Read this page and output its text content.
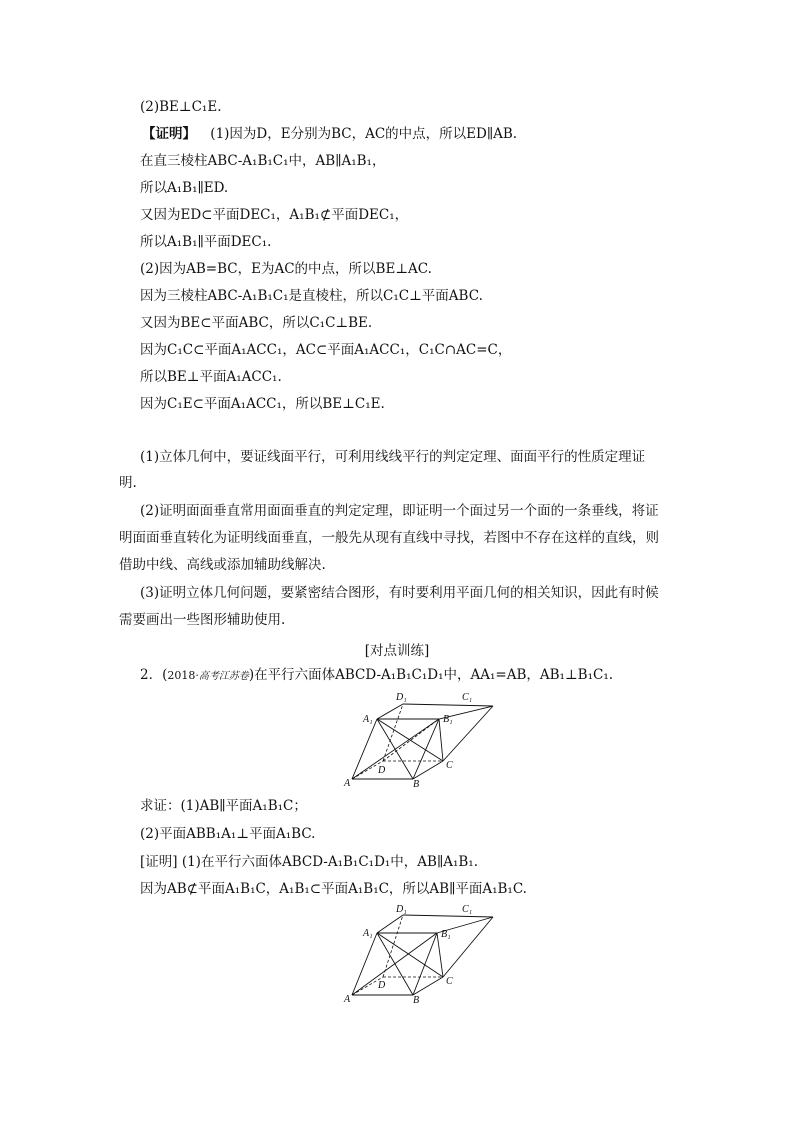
(2)BE⊥C₁E.
【证明】 (1)因为D，E分别为BC，AC的中点，所以ED∥AB.
在直三棱柱ABC-A₁B₁C₁中，AB∥A₁B₁，
所以A₁B₁∥ED.
又因为ED⊂平面DEC₁，A₁B₁⊄平面DEC₁，
所以A₁B₁∥平面DEC₁.
(2)因为AB=BC，E为AC的中点，所以BE⊥AC.
因为三棱柱ABC-A₁B₁C₁是直棱柱，所以C₁C⊥平面ABC.
又因为BE⊂平面ABC，所以C₁C⊥BE.
因为C₁C⊂平面A₁ACC₁，AC⊂平面A₁ACC₁，C₁C∩AC=C，
所以BE⊥平面A₁ACC₁.
因为C₁E⊂平面A₁ACC₁，所以BE⊥C₁E.
(1)立体几何中，要证线面平行，可利用线线平行的判定定理、面面平行的性质定理证
明.
(2)证明面面垂直常用面面垂直的判定定理，即证明一个面过另一个面的一条垂线，将证
明面面垂直转化为证明线面垂直，一般先从现有直线中寻找，若图中不存在这样的直线，则
借助中线、高线或添加辅助线解决.
(3)证明立体几何问题，要紧密结合图形，有时要利用平面几何的相关知识，因此有时候
需要画出一些图形辅助使用.
[对点训练]
2．(2018·高考江苏卷)在平行六面体ABCD-A₁B₁C₁D₁中，AA₁=AB，AB₁⊥B₁C₁.
A	B
C
D
A₁	B₁
C₁
D₁
求证：(1)AB∥平面A₁B₁C；
(2)平面ABB₁A₁⊥平面A₁BC.
[证明] (1)在平行六面体ABCD-A₁B₁C₁D₁中，AB∥A₁B₁.
因为AB⊄平面A₁B₁C，A₁B₁⊂平面A₁B₁C，所以AB∥平面A₁B₁C.
A	B
C
D
A₁	B₁
C₁
D₁
